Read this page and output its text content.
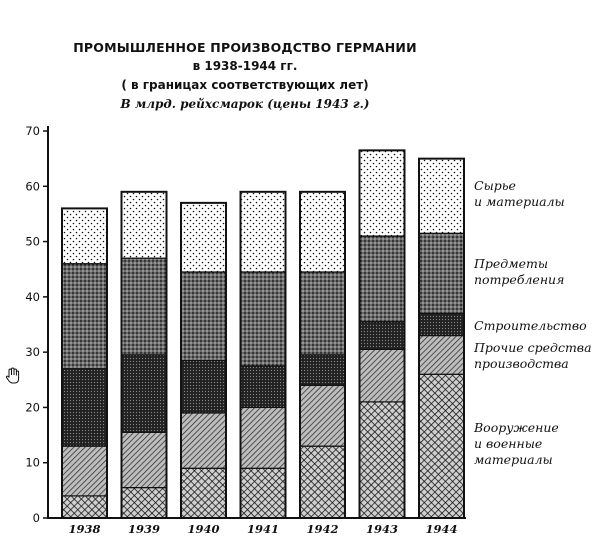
1938 1939 1940 1941 1942 1943 1944
0
10
20
30
40
50
60
70
ПРОМЫШЛЕННОЕ ПРОИЗВОДСТВО ГЕРМАНИИ
в 1938-1944 гг.
( в границах соответствующих лет)
В млрд. рейхсмарок (цены 1943 г.)
Сырье
и материалы
Предметы
потребления
Строительство
Прочие средства
производства
Вооружение
и военные
материалы
